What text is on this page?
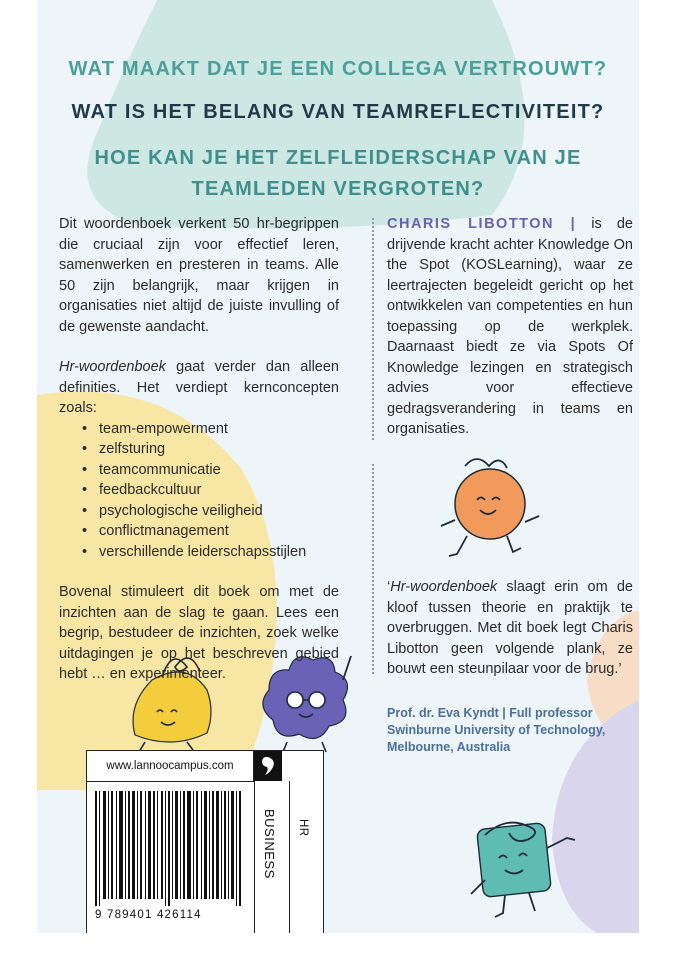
WAT MAAKT DAT JE EEN COLLEGA VERTROUWT?
WAT IS HET BELANG VAN TEAMREFLECTIVITEIT?
HOE KAN JE HET ZELFLEIDERSCHAP VAN JE
TEAMLEDEN VERGROTEN?

Dit woordenboek verkent 50 hr-begrippen die cruciaal zijn voor effectief leren, samenwerken en presteren in teams. Alle 50 zijn belangrijk, maar krijgen in organisaties niet altijd de juiste invulling of de gewenste aandacht.

Hr-woordenboek gaat verder dan alleen definities. Het verdiept kernconcepten zoals:

• team-empowerment
• zelfsturing
• teamcommunicatie
• feedbackcultuur
• psychologische veiligheid
• conflictmanagement
• verschillende leiderschapsstijlen

Bovenal stimuleert dit boek om met de inzichten aan de slag te gaan. Lees een begrip, bestudeer de inzichten, zoek welke uitdagingen je op het beschreven gebied hebt … en experimenteer.

CHARIS LIBOTTON | is de drijvende kracht achter Knowledge On the Spot (KOSLearning), waar ze leertrajecten begeleidt gericht op het ontwikkelen van competenties en hun toepassing op de werkplek. Daarnaast biedt ze via Spots Of Knowledge lezingen en strategisch advies voor effectieve gedragsverandering in teams en organisaties.

‘Hr-woordenboek slaagt erin om de kloof tussen theorie en praktijk te overbruggen. Met dit boek legt Charis Libotton geen volgende plank, ze bouwt een steunpilaar voor de brug.’

Prof. dr. Eva Kyndt | Full professor
Swinburne University of Technology,
Melbourne, Australia

www.lannoocampus.com
BUSINESS HR
9 789401 426114
